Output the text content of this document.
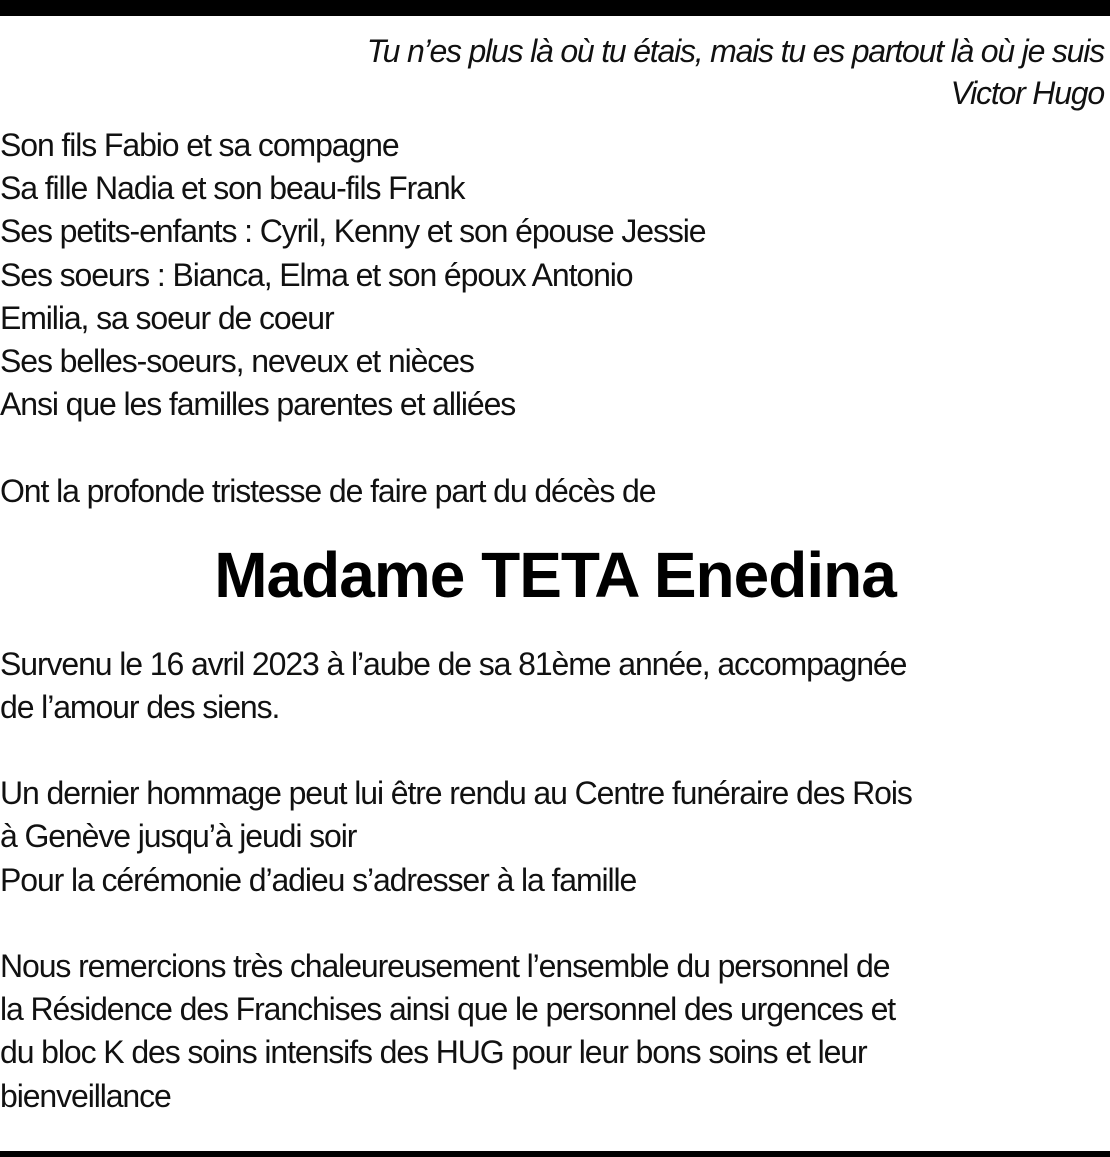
Tu n’es plus là où tu étais, mais tu es partout là où je suis
Victor Hugo
Son fils Fabio et sa compagne
Sa fille Nadia et son beau-fils Frank
Ses petits-enfants : Cyril, Kenny et son épouse Jessie
Ses soeurs : Bianca, Elma et son époux Antonio
Emilia, sa soeur de coeur
Ses belles-soeurs, neveux et nièces
Ansi que les familles parentes et alliées
Ont la profonde tristesse de faire part du décès de
Madame TETA Enedina
Survenu le 16 avril 2023 à l’aube de sa 81ème année, accompagnée
de l’amour des siens.
Un dernier hommage peut lui être rendu au Centre funéraire des Rois
à Genève jusqu’à jeudi soir
Pour la cérémonie d’adieu s’adresser à la famille
Nous remercions très chaleureusement l’ensemble du personnel de
la Résidence des Franchises ainsi que le personnel des urgences et
du bloc K des soins intensifs des HUG pour leur bons soins et leur
bienveillance
